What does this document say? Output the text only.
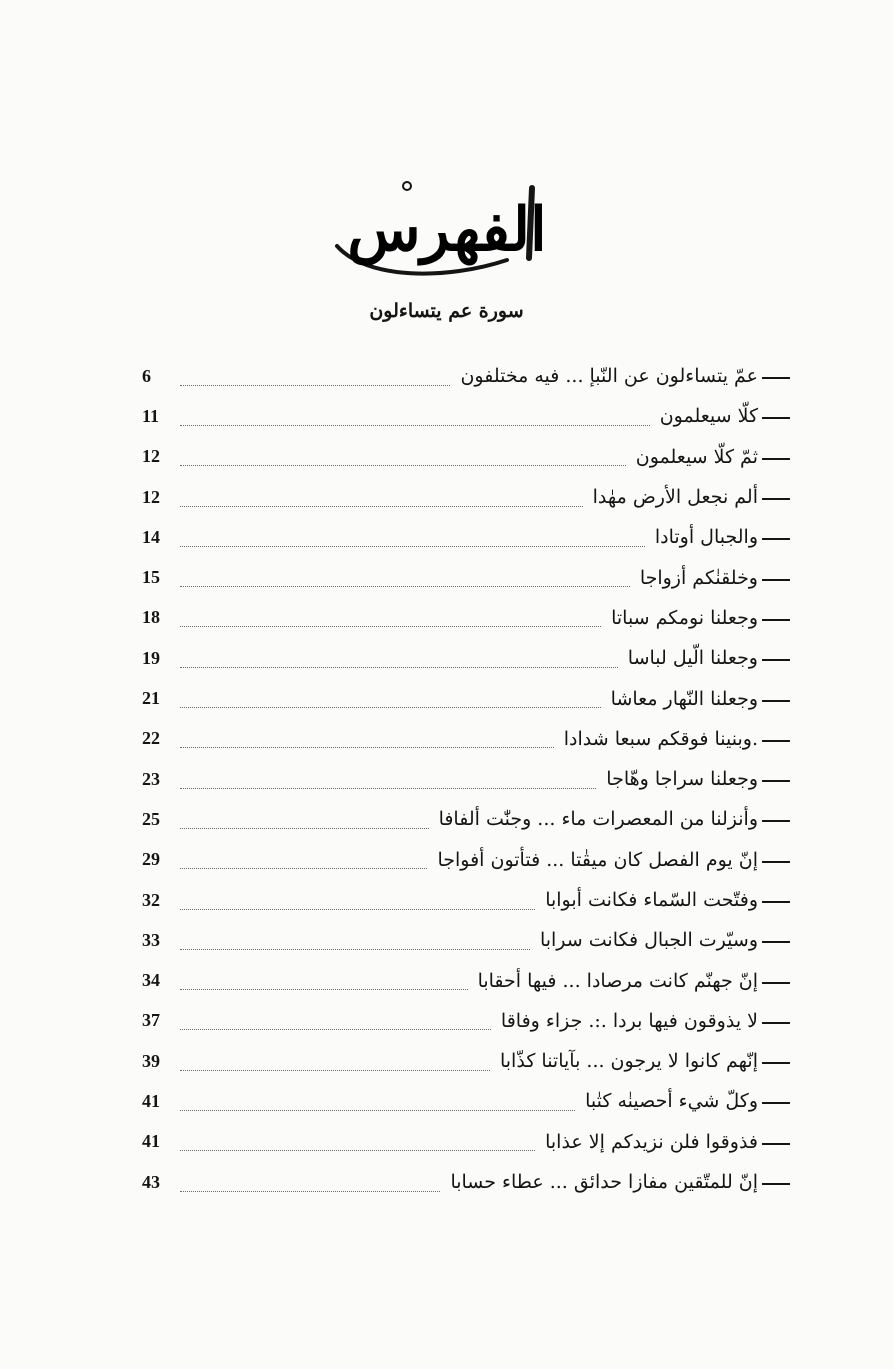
الفهرس
سورة عم يتساءلون
عمّ يتساءلون عن النّبإ ... فيه مختلفون
6
كلّا سيعلمون
11
ثمّ كلّا سيعلمون
12
ألم نجعل الأرض مهٰدا
12
والجبال أوتادا
14
وخلقنٰكم أزواجا
15
وجعلنا نومكم سباتا
18
وجعلنا الّيل لباسا
19
وجعلنا النّهار معاشا
21
.وبنينا فوقكم سبعا شدادا
22
وجعلنا سراجا وهّاجا
23
وأنزلنا من المعصرات ماء ... وجنّٰت ألفافا
25
إنّ يوم الفصل كان ميقٰتا ... فتأتون أفواجا
29
وفتّحت السّماء فكانت أبوابا
32
وسيّرت الجبال فكانت سرابا
33
إنّ جهنّم كانت مرصادا ... فيها أحقابا
34
لا يذوقون فيها بردا .:. جزاء وفاقا
37
إنّهم كانوا لا يرجون ... بآياتنا كذّابا
39
وكلّ شيء أحصينٰه كتٰبا
41
فذوقوا فلن نزيدكم إلا عذابا
41
إنّ للمتّقين مفازا حدائق ... عطاء حسابا
43
